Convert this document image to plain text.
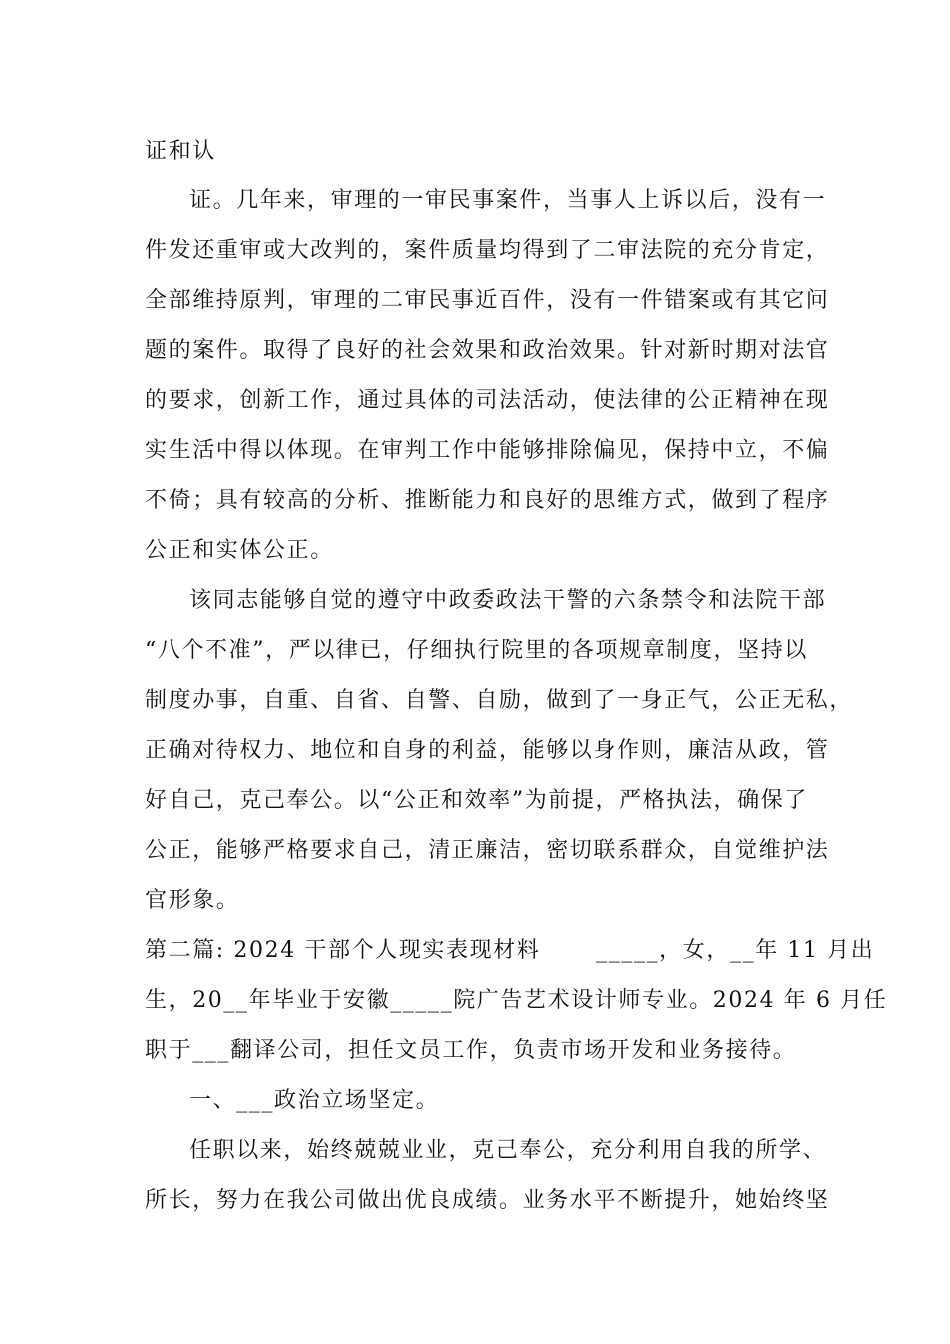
证和认
证。几年来，审理的一审民事案件，当事人上诉以后，没有一
件发还重审或大改判的，案件质量均得到了二审法院的充分肯定，
全部维持原判，审理的二审民事近百件，没有一件错案或有其它问
题的案件。取得了良好的社会效果和政治效果。针对新时期对法官
的要求，创新工作，通过具体的司法活动，使法律的公正精神在现
实生活中得以体现。在审判工作中能够排除偏见，保持中立，不偏
不倚；具有较高的分析、推断能力和良好的思维方式，做到了程序
公正和实体公正。
该同志能够自觉的遵守中政委政法干警的六条禁令和法院干部
“八个不准”，严以律已，仔细执行院里的各项规章制度，坚持以
制度办事，自重、自省、自警、自励，做到了一身正气，公正无私，
正确对待权力、地位和自身的利益，能够以身作则，廉洁从政，管
好自己，克己奉公。以“公正和效率”为前提，严格执法，确保了
公正，能够严格要求自己，清正廉洁，密切联系群众，自觉维护法
官形象。
第二篇: 2024 干部个人现实表现材料　　 _____，女，__年 11 月出
生，20__年毕业于安徽_____院广告艺术设计师专业。2024 年 6 月任
职于___翻译公司，担任文员工作，负责市场开发和业务接待。
一、___政治立场坚定。
任职以来，始终兢兢业业，克己奉公，充分利用自我的所学、
所长，努力在我公司做出优良成绩。业务水平不断提升，她始终坚
